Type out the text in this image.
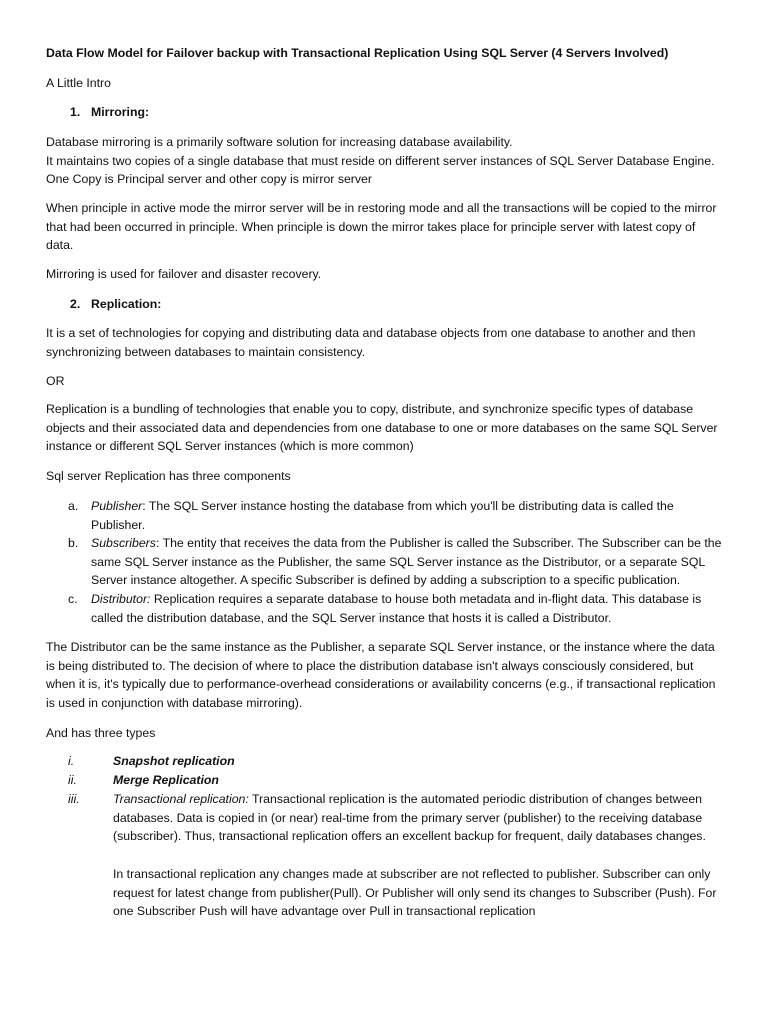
Data Flow Model for Failover backup with Transactional Replication Using SQL Server (4 Servers Involved)
A Little Intro
1. Mirroring:
Database mirroring is a primarily software solution for increasing database availability.
It maintains two copies of a single database that must reside on different server instances of SQL Server Database Engine. One Copy is Principal server and other copy is mirror server
When principle in active mode the mirror server will be in restoring mode and all the transactions will be copied to the mirror that had been occurred in principle. When principle is down the mirror takes place for principle server with latest copy of data.
Mirroring is used for failover and disaster recovery.
2. Replication:
It is a set of technologies for copying and distributing data and database objects from one database to another and then synchronizing between databases to maintain consistency.
OR
Replication is a bundling of technologies that enable you to copy, distribute, and synchronize specific types of database objects and their associated data and dependencies from one database to one or more databases on the same SQL Server instance or different SQL Server instances (which is more common)
Sql server Replication has three components
a. Publisher: The SQL Server instance hosting the database from which you'll be distributing data is called the Publisher.

b. Subscribers: The entity that receives the data from the Publisher is called the Subscriber. The Subscriber can be the same SQL Server instance as the Publisher, the same SQL Server instance as the Distributor, or a separate SQL Server instance altogether. A specific Subscriber is defined by adding a subscription to a specific publication.

c. Distributor: Replication requires a separate database to house both metadata and in-flight data. This database is called the distribution database, and the SQL Server instance that hosts it is called a Distributor.

The Distributor can be the same instance as the Publisher, a separate SQL Server instance, or the instance where the data is being distributed to. The decision of where to place the distribution database isn't always consciously considered, but when it is, it's typically due to performance-overhead considerations or availability concerns (e.g., if transactional replication is used in conjunction with database mirroring).
And has three types
i.	Snapshot replication

ii.	Merge Replication

iii.	Transactional replication: Transactional replication is the automated periodic distribution of changes between databases. Data is copied in (or near) real-time from the primary server (publisher) to the receiving database (subscriber). Thus, transactional replication offers an excellent backup for frequent, daily databases changes.

In transactional replication any changes made at subscriber are not reflected to publisher. Subscriber can only request for latest change from publisher(Pull). Or Publisher will only send its changes to Subscriber (Push). For one Subscriber Push will have advantage over Pull in transactional replication
